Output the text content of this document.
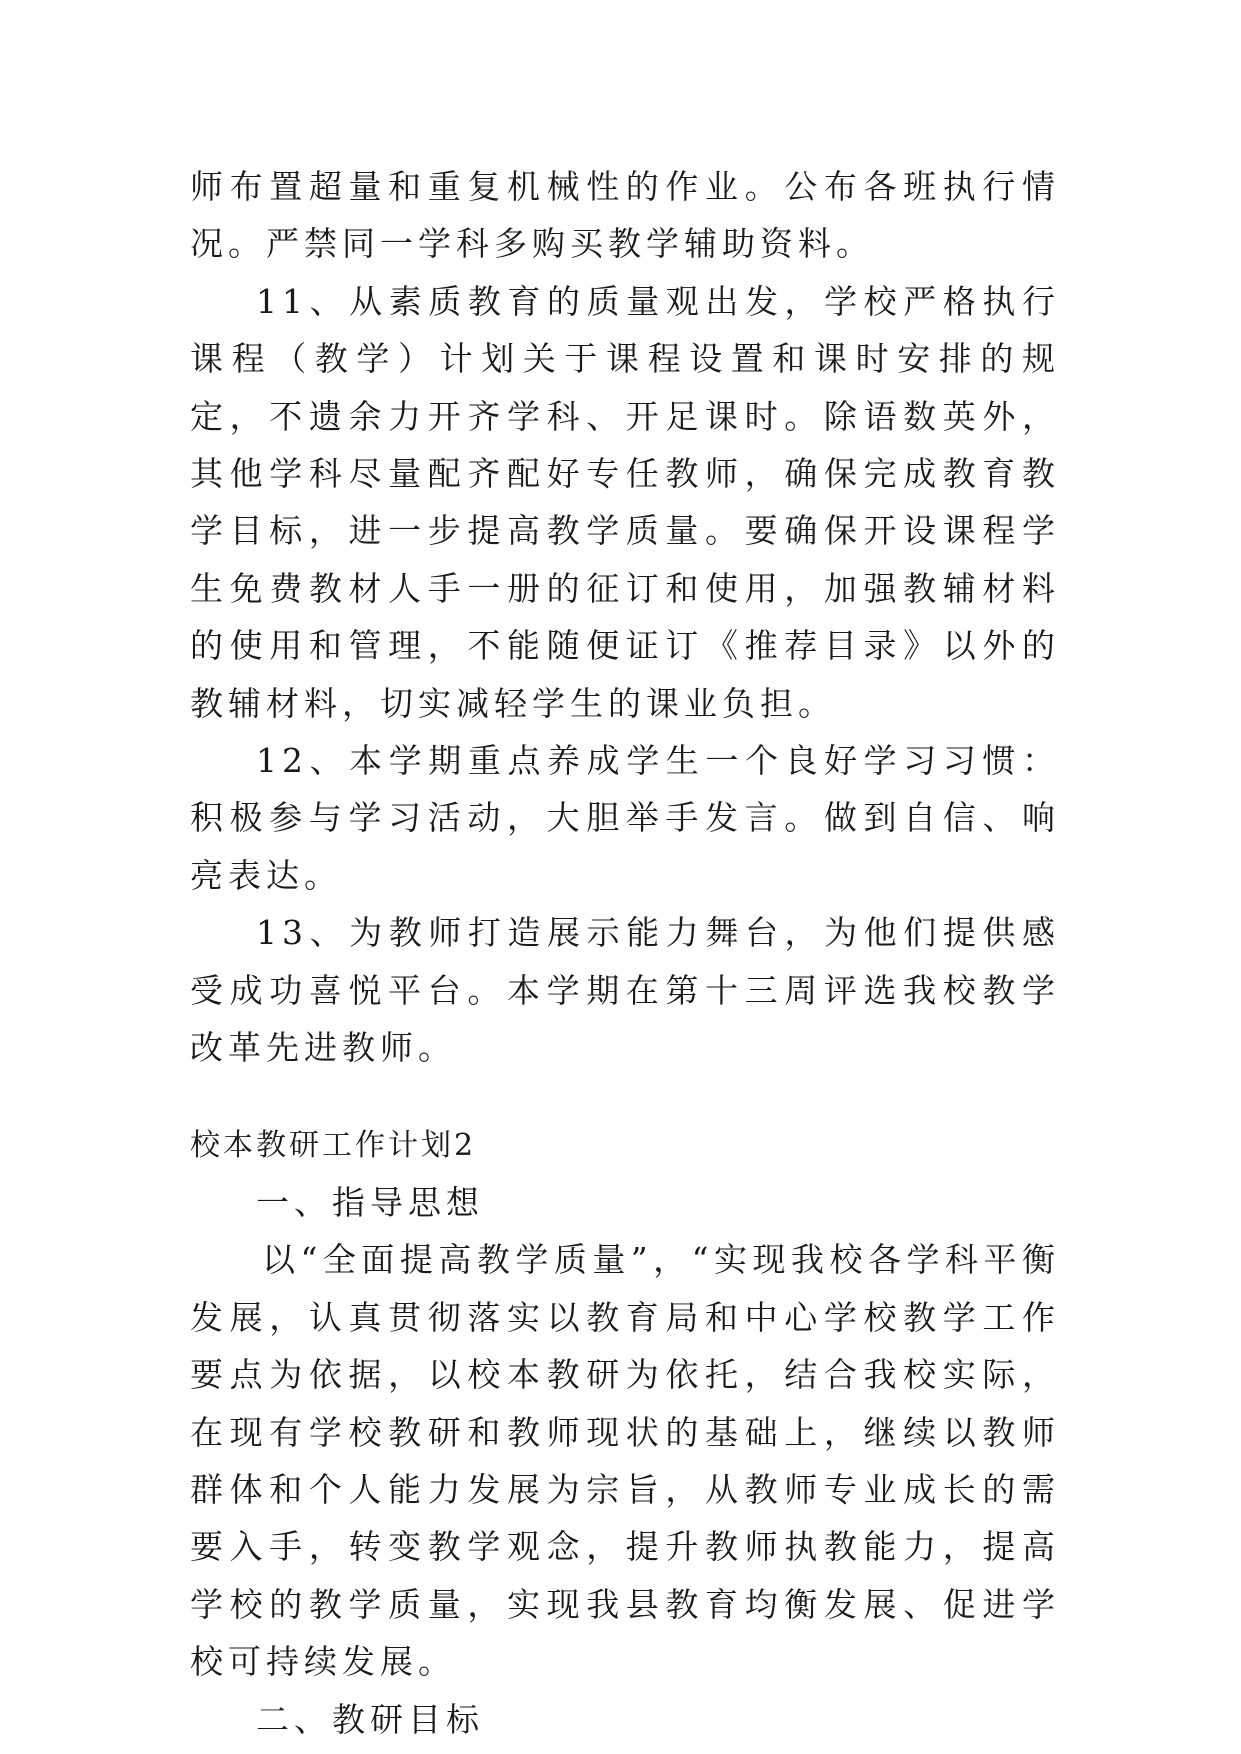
师布置超量和重复机械性的作业。公布各班执行情况。严禁同一学科多购买教学辅助资料。

11、从素质教育的质量观出发，学校严格执行课程（教学）计划关于课程设置和课时安排的规定，不遗余力开齐学科、开足课时。除语数英外，其他学科尽量配齐配好专任教师，确保完成教育教学目标，进一步提高教学质量。要确保开设课程学生免费教材人手一册的征订和使用，加强教辅材料的使用和管理，不能随便证订《推荐目录》以外的教辅材料，切实减轻学生的课业负担。

12、本学期重点养成学生一个良好学习习惯：积极参与学习活动，大胆举手发言。做到自信、响亮表达。

13、为教师打造展示能力舞台，为他们提供感受成功喜悦平台。本学期在第十三周评选我校教学改革先进教师。

校本教研工作计划2

一、指导思想

以“全面提高教学质量”，“实现我校各学科平衡发展，认真贯彻落实以教育局和中心学校教学工作要点为依据，以校本教研为依托，结合我校实际，在现有学校教研和教师现状的基础上，继续以教师群体和个人能力发展为宗旨，从教师专业成长的需要入手，转变教学观念，提升教师执教能力，提高学校的教学质量，实现我县教育均衡发展、促进学校可持续发展。

二、教研目标
